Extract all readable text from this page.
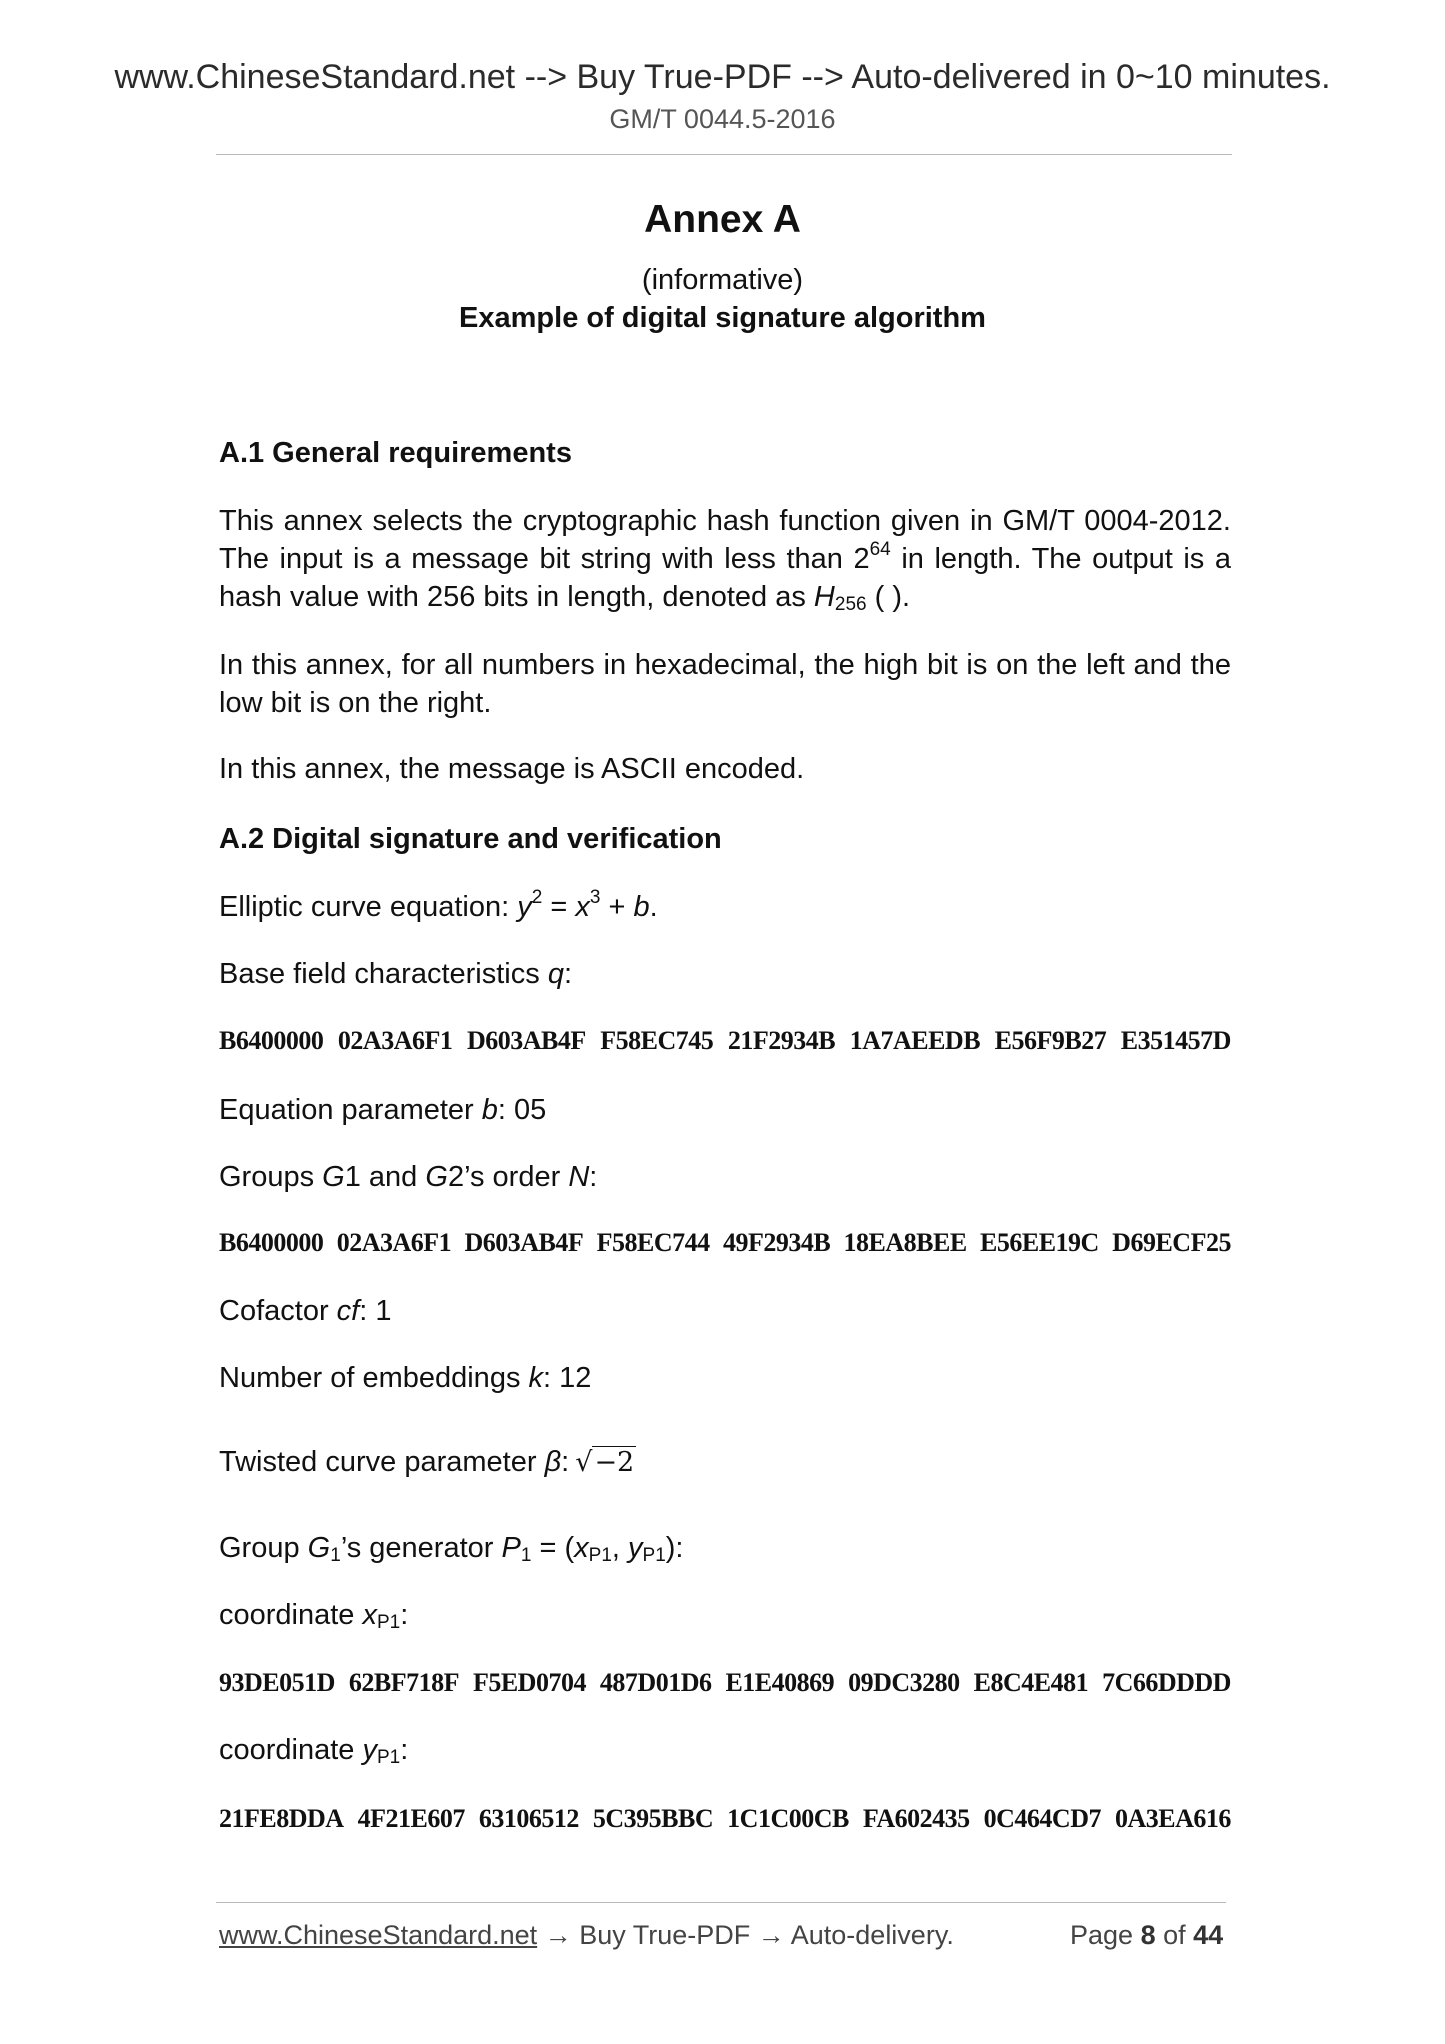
www.ChineseStandard.net --> Buy True-PDF --> Auto-delivered in 0~10 minutes.
GM/T 0044.5-2016
Annex A
(informative)
Example of digital signature algorithm
A.1 General requirements
This annex selects the cryptographic hash function given in GM/T 0004-2012. The input is a message bit string with less than $2^{64}$ in length. The output is a hash value with 256 bits in length, denoted as $H_{256}$ ( ).
In this annex, for all numbers in hexadecimal, the high bit is on the left and the low bit is on the right.
In this annex, the message is ASCII encoded.
A.2 Digital signature and verification
Elliptic curve equation: $y^2 = x^3 + b$.
Base field characteristics q:
B6400000 02A3A6F1 D603AB4F F58EC745 21F2934B 1A7AEEDB E56F9B27 E351457D
Equation parameter b: 05
Groups G1 and G2’s order N:
B6400000 02A3A6F1 D603AB4F F58EC744 49F2934B 18EA8BEE E56EE19C D69ECF25
Cofactor cf: 1
Number of embeddings k: 12
Twisted curve parameter β: √−2
Group $G_1’s$ generator $P_1 = (x_{P1}$, $y_{P1}$):
coordinate $x_{P1}$:
93DE051D 62BF718F F5ED0704 487D01D6 E1E40869 09DC3280 E8C4E481 7C66DDDD
coordinate $y_{P1}$:
21FE8DDA 4F21E607 63106512 5C395BBC 1C1C00CB FA602435 0C464CD7 0A3EA616
www.ChineseStandard.net → Buy True-PDF → Auto-delivery.	Page 8 of 44
